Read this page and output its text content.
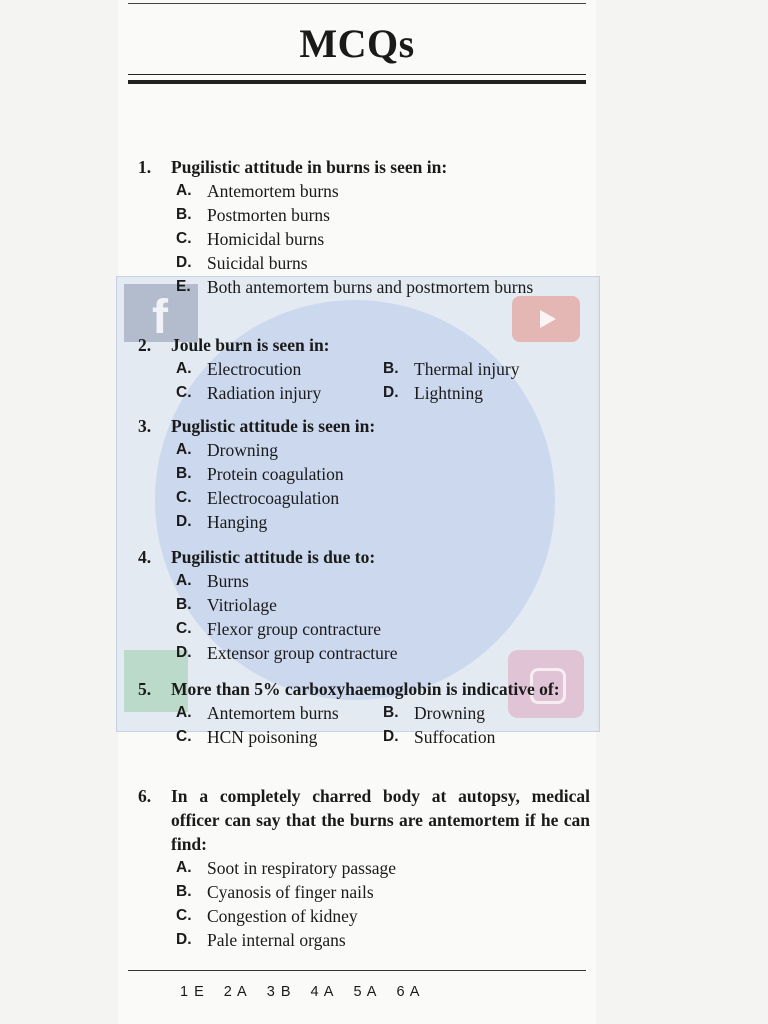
f
MCQs
1.	Pugilistic attitude in burns is seen in:
A. Antemortem burns
B. Postmorten burns
C. Homicidal burns
D. Suicidal burns
E. Both antemortem burns and postmortem burns
2.	Joule burn is seen in:
A. Electrocution	B. Thermal injury
C. Radiation injury	D. Lightning
3.	Puglistic attitude is seen in:
A. Drowning
B. Protein coagulation
C. Electrocoagulation
D. Hanging
4.	Pugilistic attitude is due to:
A. Burns
B. Vitriolage
C. Flexor group contracture
D. Extensor group contracture
5.	More than 5% carboxyhaemoglobin is indicative of:
A. Antemortem burns	B. Drowning
C. HCN poisoning	D. Suffocation
6.	In a completely charred body at autopsy, medical officer can say that the burns are antemortem if he can find:
A. Soot in respiratory passage
B. Cyanosis of finger nails
C. Congestion of kidney
D. Pale internal organs
1 E 2 A 3 B 4 A 5 A 6 A
